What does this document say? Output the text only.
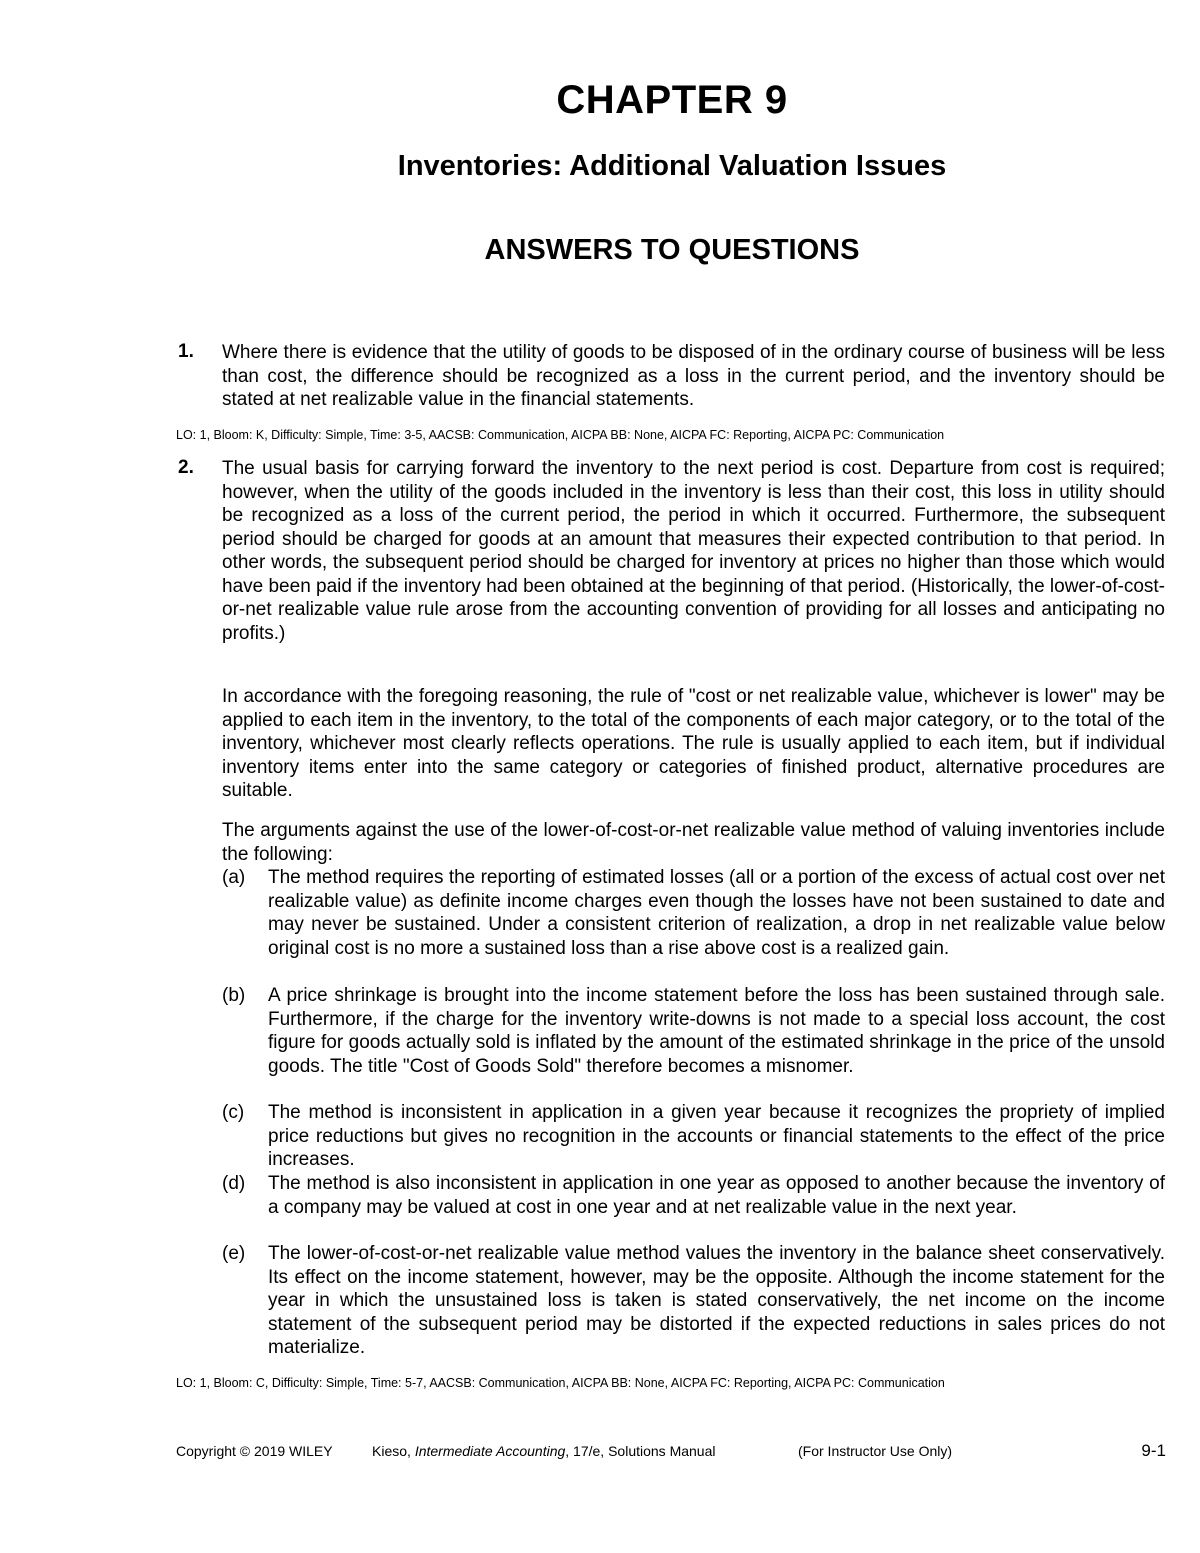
CHAPTER 9
Inventories: Additional Valuation Issues
ANSWERS TO QUESTIONS
1.	Where there is evidence that the utility of goods to be disposed of in the ordinary course of business will be less than cost, the difference should be recognized as a loss in the current period, and the inventory should be stated at net realizable value in the financial statements.
LO: 1, Bloom: K, Difficulty: Simple, Time: 3-5, AACSB: Communication, AICPA BB: None, AICPA FC: Reporting, AICPA PC: Communication
2.	The usual basis for carrying forward the inventory to the next period is cost. Departure from cost is required; however, when the utility of the goods included in the inventory is less than their cost, this loss in utility should be recognized as a loss of the current period, the period in which it occurred. Furthermore, the subsequent period should be charged for goods at an amount that measures their expected contribution to that period. In other words, the subsequent period should be charged for inventory at prices no higher than those which would have been paid if the inventory had been obtained at the beginning of that period. (Historically, the lower-of-cost-or-net realizable value rule arose from the accounting convention of providing for all losses and anticipating no profits.)
In accordance with the foregoing reasoning, the rule of "cost or net realizable value, whichever is lower" may be applied to each item in the inventory, to the total of the components of each major category, or to the total of the inventory, whichever most clearly reflects operations. The rule is usually applied to each item, but if individual inventory items enter into the same category or categories of finished product, alternative procedures are suitable.
The arguments against the use of the lower-of-cost-or-net realizable value method of valuing inventories include the following:
(a)	The method requires the reporting of estimated losses (all or a portion of the excess of actual cost over net realizable value) as definite income charges even though the losses have not been sustained to date and may never be sustained. Under a consistent criterion of realization, a drop in net realizable value below original cost is no more a sustained loss than a rise above cost is a realized gain.
(b)	A price shrinkage is brought into the income statement before the loss has been sustained through sale. Furthermore, if the charge for the inventory write-downs is not made to a special loss account, the cost figure for goods actually sold is inflated by the amount of the estimated shrinkage in the price of the unsold goods. The title "Cost of Goods Sold" therefore becomes a misnomer.
(c)	The method is inconsistent in application in a given year because it recognizes the propriety of implied price reductions but gives no recognition in the accounts or financial statements to the effect of the price increases.
(d)	The method is also inconsistent in application in one year as opposed to another because the inventory of a company may be valued at cost in one year and at net realizable value in the next year.
(e)	The lower-of-cost-or-net realizable value method values the inventory in the balance sheet conservatively. Its effect on the income statement, however, may be the opposite. Although the income statement for the year in which the unsustained loss is taken is stated conservatively, the net income on the income statement of the subsequent period may be distorted if the expected reductions in sales prices do not materialize.
LO: 1, Bloom: C, Difficulty: Simple, Time: 5-7, AACSB: Communication, AICPA BB: None, AICPA FC: Reporting, AICPA PC: Communication
Copyright © 2019 WILEY	Kieso, Intermediate Accounting, 17/e, Solutions Manual	(For Instructor Use Only)	9-1
